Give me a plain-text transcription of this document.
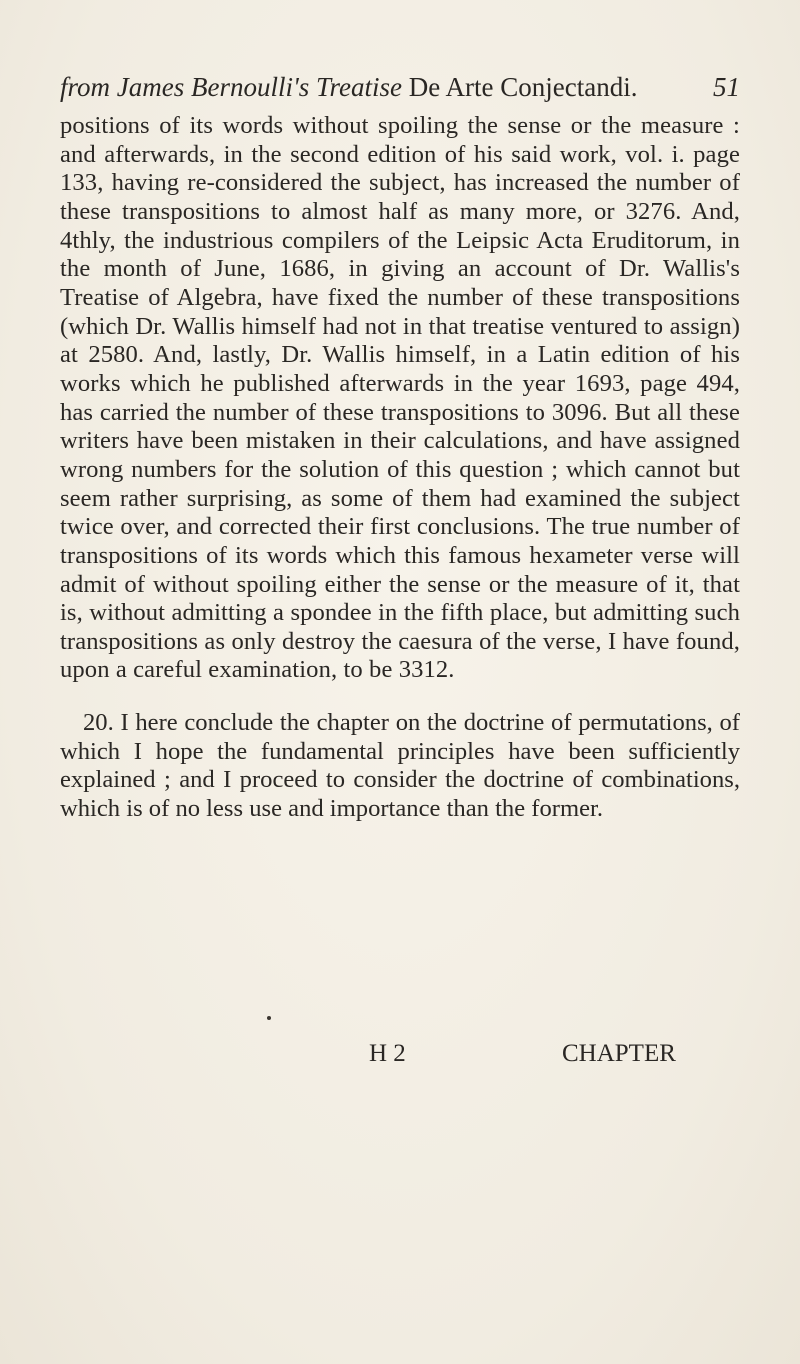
from James Bernoulli's Treatise De Arte Conjectandi.	51

positions of its words without spoiling the sense or the measure : and afterwards, in the second edition of his said work, vol. i. page 133, having re-considered the subject, has increased the number of these transpositions to almost half as many more, or 3276. And, 4thly, the industrious compilers of the Leipsic Acta Eruditorum, in the month of June, 1686, in giving an account of Dr. Wallis's Treatise of Algebra, have fixed the number of these transpositions (which Dr. Wallis himself had not in that treatise ventured to assign) at 2580. And, lastly, Dr. Wallis himself, in a Latin edition of his works which he published afterwards in the year 1693, page 494, has carried the number of these transpositions to 3096. But all these writers have been mistaken in their calculations, and have assigned wrong numbers for the solution of this question ; which cannot but seem rather surprising, as some of them had examined the subject twice over, and corrected their first conclusions. The true number of transpositions of its words which this famous hexameter verse will admit of without spoiling either the sense or the measure of it, that is, without admitting a spondee in the fifth place, but admitting such transpositions as only destroy the caesura of the verse, I have found, upon a careful examination, to be 3312.

20. I here conclude the chapter on the doctrine of permutations, of which I hope the fundamental principles have been sufficiently explained ; and I proceed to consider the doctrine of combinations, which is of no less use and importance than the former.

H 2	CHAPTER
